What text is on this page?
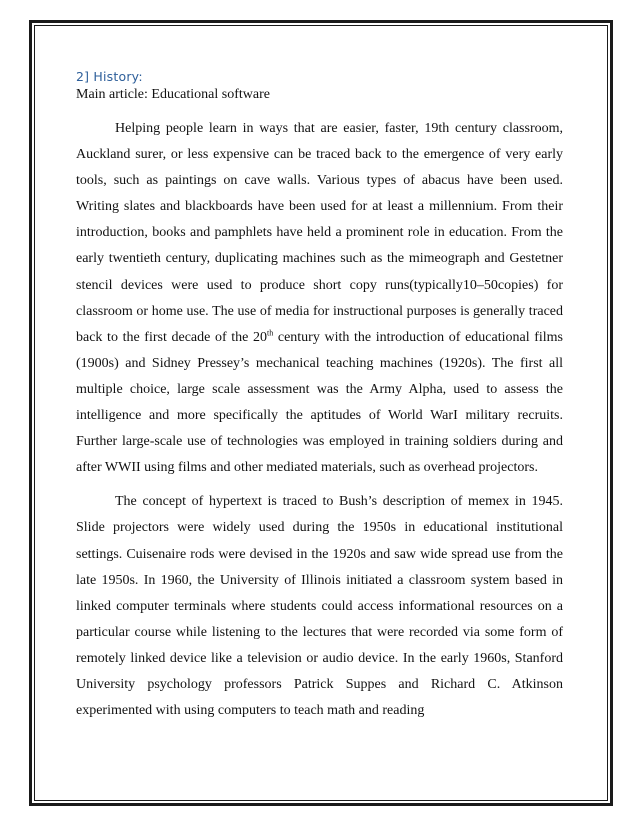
2] History:

Main article: Educational software

Helping people learn in ways that are easier, faster, 19th century classroom, Auckland surer, or less expensive can be traced back to the emergence of very early tools, such as paintings on cave walls. Various types of abacus have been used. Writing slates and blackboards have been used for at least a millennium. From their introduction, books and pamphlets have held a prominent role in education. From the early twentieth century, duplicating machines such as the mimeograph and Gestetner stencil devices were used to produce short copy runs(typically10–50copies) for classroom or home use. The use of media for instructional purposes is generally traced back to the first decade of the 20th century with the introduction of educational films (1900s) and Sidney Pressey’s mechanical teaching machines (1920s). The first all multiple choice, large scale assessment was the Army Alpha, used to assess the intelligence and more specifically the aptitudes of World WarI military recruits. Further large-scale use of technologies was employed in training soldiers during and after WWII using films and other mediated materials, such as overhead projectors.

The concept of hypertext is traced to Bush’s description of memex in 1945. Slide projectors were widely used during the 1950s in educational institutional settings. Cuisenaire rods were devised in the 1920s and saw wide spread use from the late 1950s. In 1960, the University of Illinois initiated a classroom system based in linked computer terminals where students could access informational resources on a particular course while listening to the lectures that were recorded via some form of remotely linked device like a television or audio device. In the early 1960s, Stanford University psychology professors Patrick Suppes and Richard C. Atkinson experimented with using computers to teach math and reading
